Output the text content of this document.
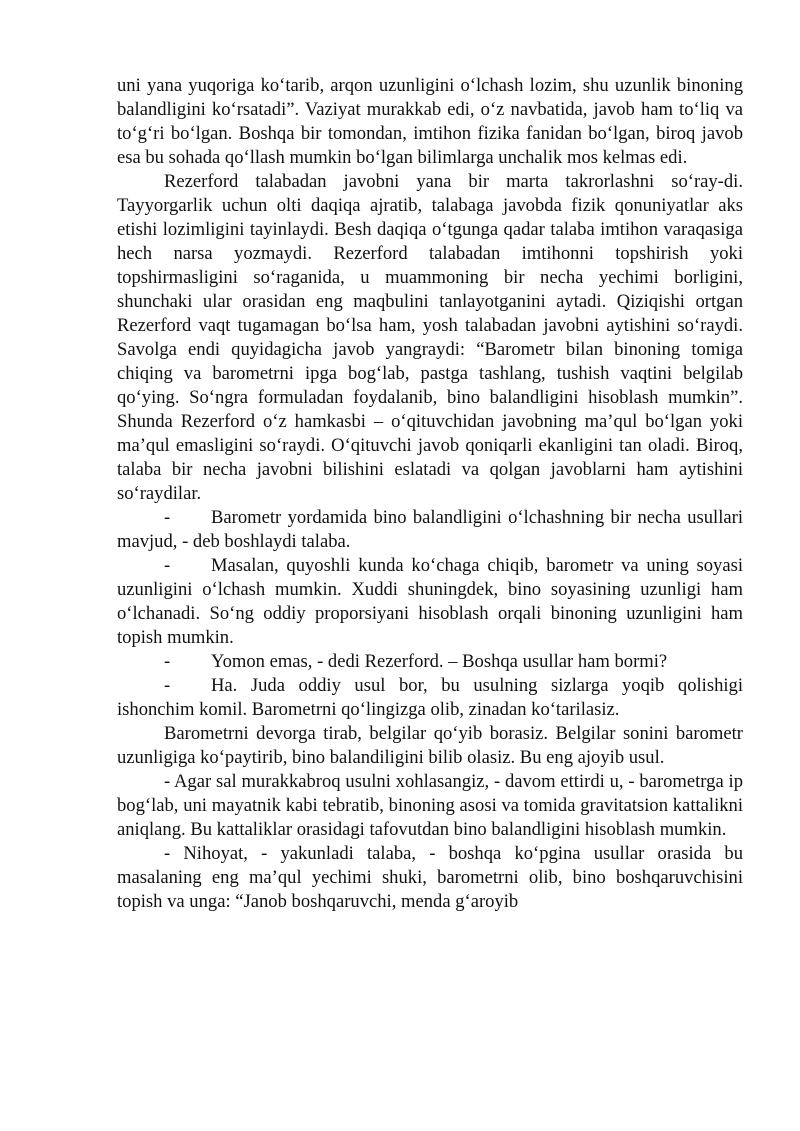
uni yana yuqoriga ko‘tarib, arqon uzunligini o‘lchash lozim, shu uzunlik binoning balandligini ko‘rsatadi”. Vaziyat murakkab edi, o‘z navbatida, javob ham to‘liq va to‘g‘ri bo‘lgan. Boshqa bir tomondan, imtihon fizika fanidan bo‘lgan, biroq javob esa bu sohada qo‘llash mumkin bo‘lgan bilimlarga unchalik mos kelmas edi.

Rezerford talabadan javobni yana bir marta takrorlashni so‘ray-di. Tayyorgarlik uchun olti daqiqa ajratib, talabaga javobda fizik qonuniyatlar aks etishi lozimligini tayinlaydi. Besh daqiqa o‘tgunga qadar talaba imtihon varaqasiga hech narsa yozmaydi. Rezerford talabadan imtihonni topshirish yoki topshirmasligini so‘raganida, u muammoning bir necha yechimi borligini, shunchaki ular orasidan eng maqbulini tanlayotganini aytadi. Qiziqishi ortgan Rezerford vaqt tugamagan bo‘lsa ham, yosh talabadan javobni aytishini so‘raydi. Savolga endi quyidagicha javob yangraydi: “Barometr bilan binoning tomiga chiqing va barometrni ipga bog‘lab, pastga tashlang, tushish vaqtini belgilab qo‘ying. So‘ngra formuladan foydalanib, bino balandligini hisoblash mumkin”. Shunda Rezerford o‘z hamkasbi – o‘qituvchidan javobning ma’qul bo‘lgan yoki ma’qul emasligini so‘raydi. O‘qituvchi javob qoniqarli ekanligini tan oladi. Biroq, talaba bir necha javobni bilishini eslatadi va qolgan javoblarni ham aytishini so‘raydilar.

- Barometr yordamida bino balandligini o‘lchashning bir necha usullari mavjud, - deb boshlaydi talaba.

- Masalan, quyoshli kunda ko‘chaga chiqib, barometr va uning soyasi uzunligini o‘lchash mumkin. Xuddi shuningdek, bino soyasining uzunligi ham o‘lchanadi. So‘ng oddiy proporsiyani hisoblash orqali binoning uzunligini ham topish mumkin.

- Yomon emas, - dedi Rezerford. – Boshqa usullar ham bormi?

- Ha. Juda oddiy usul bor, bu usulning sizlarga yoqib qolishigi ishonchim komil. Barometrni qo‘lingizga olib, zinadan ko‘tarilasiz.

Barometrni devorga tirab, belgilar qo‘yib borasiz. Belgilar sonini barometr uzunligiga ko‘paytirib, bino balandiligini bilib olasiz. Bu eng ajoyib usul.

- Agar sal murakkabroq usulni xohlasangiz, - davom ettirdi u, - barometrga ip bog‘lab, uni mayatnik kabi tebratib, binoning asosi va tomida gravitatsion kattalikni aniqlang. Bu kattaliklar orasidagi tafovutdan bino balandligini hisoblash mumkin.

- Nihoyat, - yakunladi talaba, - boshqa ko‘pgina usullar orasida bu masalaning eng ma’qul yechimi shuki, barometrni olib, bino boshqaruvchisini topish va unga: “Janob boshqaruvchi, menda g‘aroyib
